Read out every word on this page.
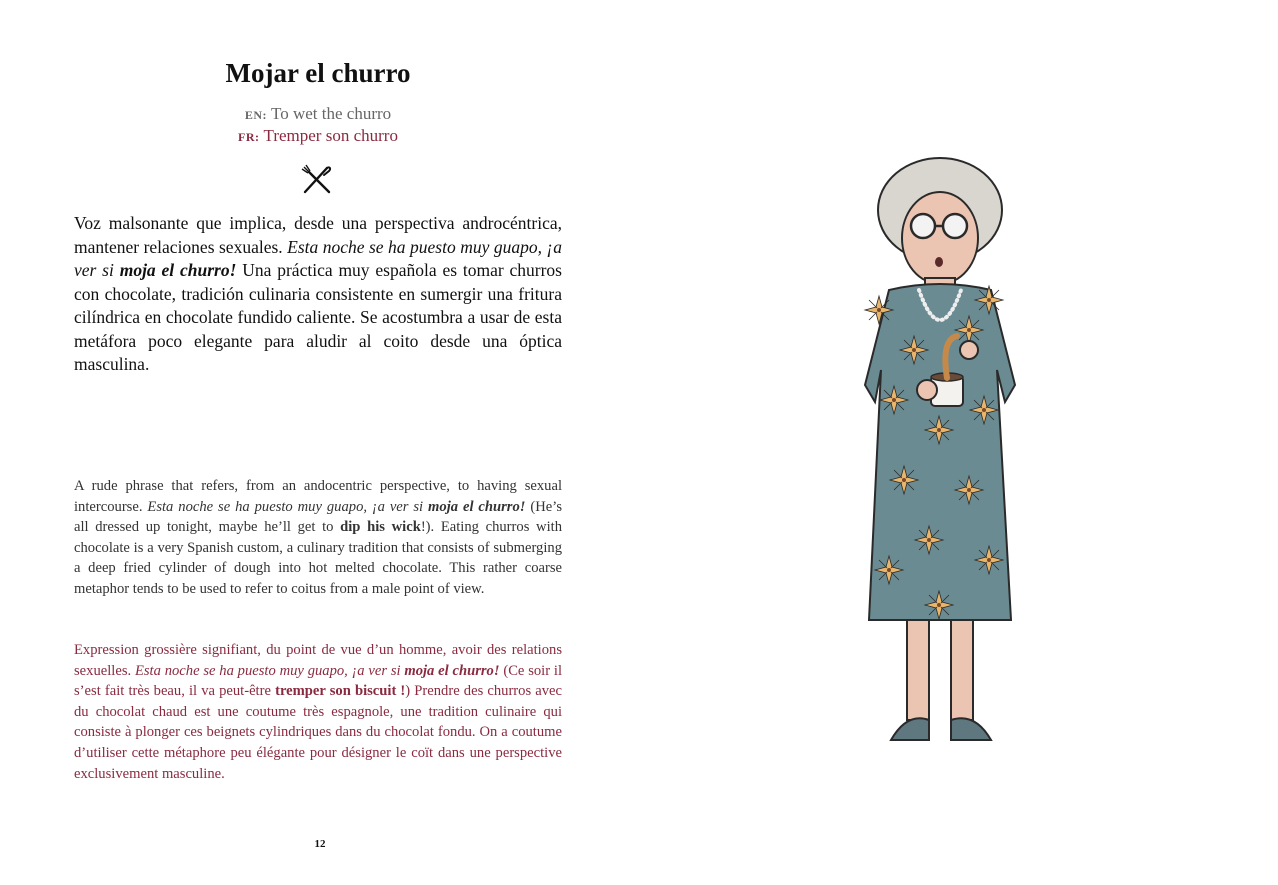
Mojar el churro
EN: To wet the churro
FR: Tremper son churro

Voz malsonante que implica, desde una perspectiva androcéntrica, mantener relaciones sexuales. Esta noche se ha puesto muy guapo, ¡a ver si moja el churro! Una práctica muy española es tomar churros con chocolate, tradición culinaria consistente en sumergir una fritura cilíndrica en chocolate fundido caliente. Se acostumbra a usar de esta metáfora poco elegante para aludir al coito desde una óptica masculina.

A rude phrase that refers, from an andocentric perspective, to having sexual intercourse. Esta noche se ha puesto muy guapo, ¡a ver si moja el churro! (He’s all dressed up tonight, maybe he’ll get to dip his wick!). Eating churros with chocolate is a very Spanish custom, a culinary tradition that consists of submerging a deep fried cylinder of dough into hot melted chocolate. This rather coarse metaphor tends to be used to refer to coitus from a male point of view.

Expression grossière signifiant, du point de vue d’un homme, avoir des relations sexuelles. Esta noche se ha puesto muy guapo, ¡a ver si moja el churro! (Ce soir il s’est fait très beau, il va peut-être tremper son biscuit !) Prendre des churros avec du chocolat chaud est une coutume très espagnole, une tradition culinaire qui consiste à plonger ces beignets cylindriques dans du chocolat fondu. On a coutume d’utiliser cette métaphore peu élégante pour désigner le coït dans une perspective exclusivement masculine.

12
